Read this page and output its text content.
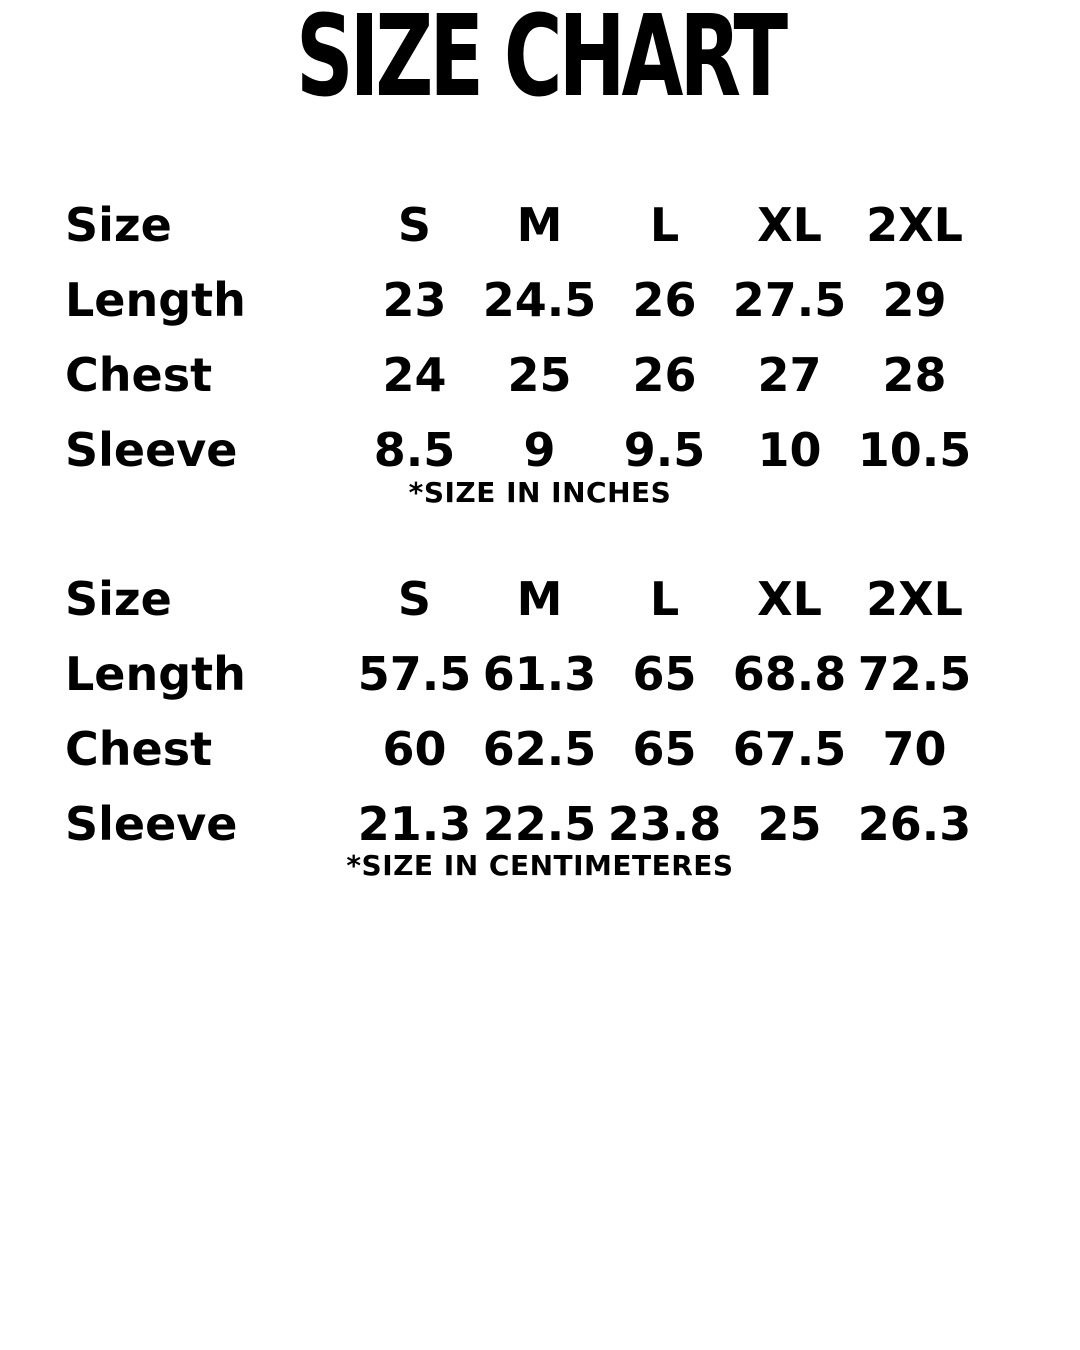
SIZE CHART
Size	S	M	L	XL 2XL
Length	23 24.5 26 27.5 29
Chest	24	25	26	27	28
Sleeve	8.5	9	9.5	10 10.5
*SIZE IN INCHES
Size	S	M	L	XL 2XL
Length	57.5 61.3 65 68.8 72.5
Chest	60 62.5 65 67.5 70
Sleeve	21.3 22.5 23.8 25 26.3
*SIZE IN CENTIMETERES
